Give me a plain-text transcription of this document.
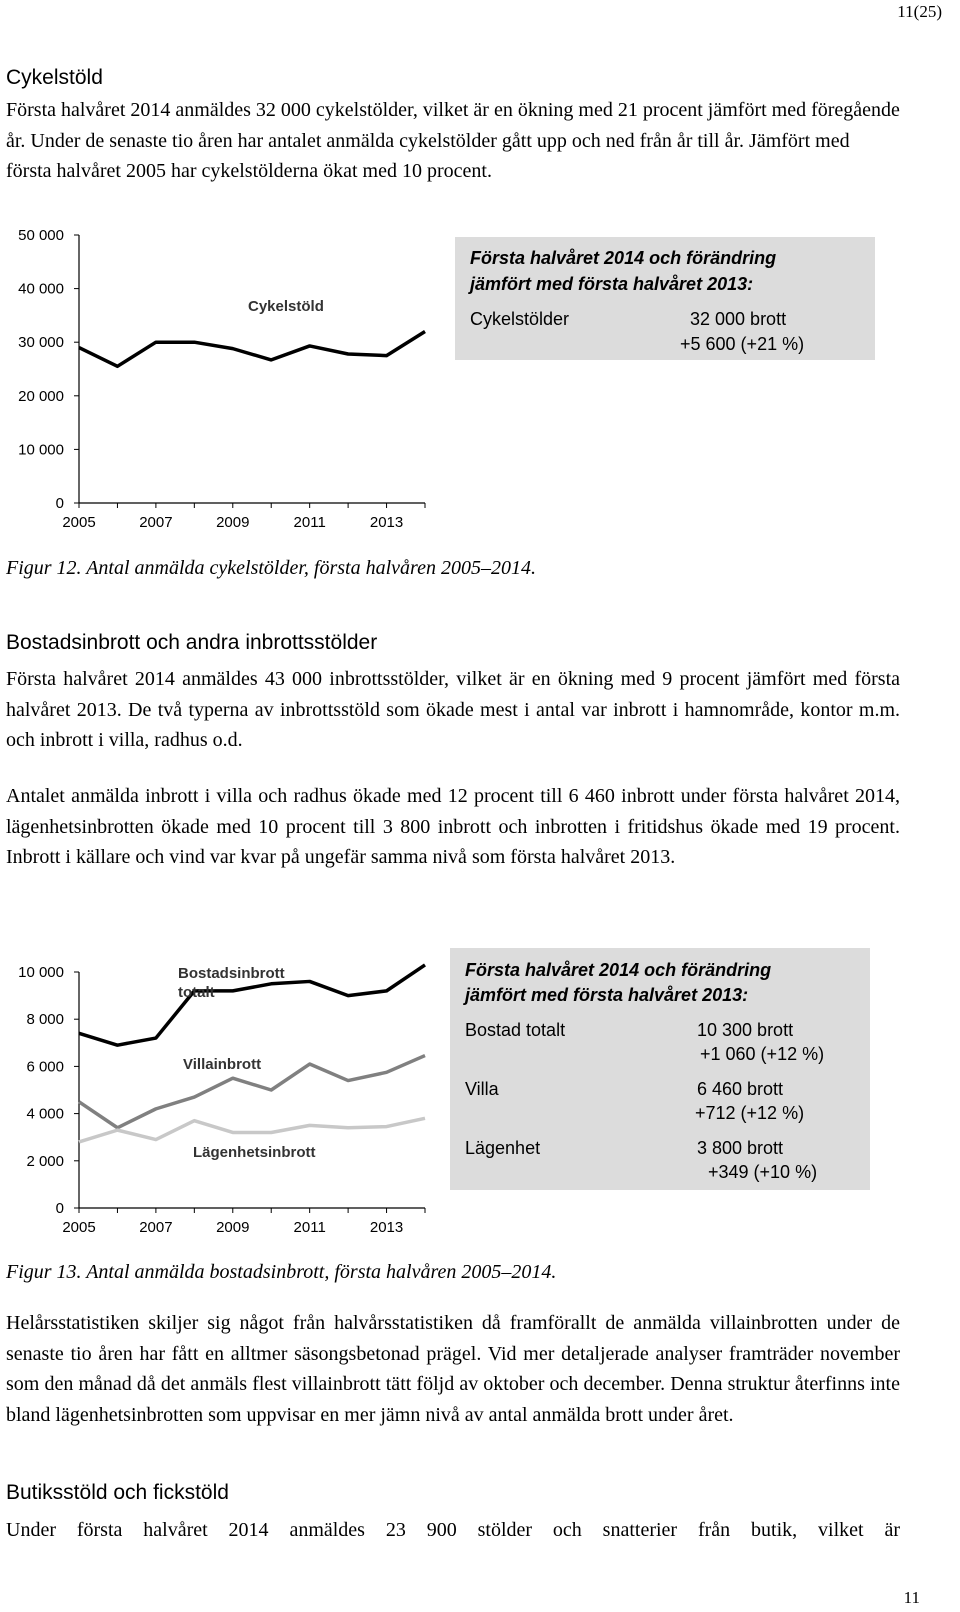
11(25)
Cykelstöld

Första halvåret 2014 anmäldes 32 000 cykelstölder, vilket är en ökning med 21 procent jämfört med föregående år. Under de senaste tio åren har antalet anmälda cykelstölder gått upp och ned från år till år. Jämfört med första halvåret 2005 har cykelstölderna ökat med 10 procent.

0
10 000
20 000
30 000
40 000
50 000
2005	2007	2009	2011	2013
Cykelstöld
Första halvåret 2014 och förändring
jämfört med första halvåret 2013:
Cykelstölder	32 000 brott
+5 600 (+21 %)
Figur 12. Antal anmälda cykelstölder, första halvåren 2005–2014.
Bostadsinbrott och andra inbrottsstölder

Första halvåret 2014 anmäldes 43 000 inbrottsstölder, vilket är en ökning med 9 procent jämfört med första halvåret 2013. De två typerna av inbrottsstöld som ökade mest i antal var inbrott i hamnområde, kontor m.m. och inbrott i villa, radhus o.d.

Antalet anmälda inbrott i villa och radhus ökade med 12 procent till 6 460 inbrott under första halvåret 2014, lägenhetsinbrotten ökade med 10 procent till 3 800 inbrott och inbrotten i fritidshus ökade med 19 procent. Inbrott i källare och vind var kvar på ungefär samma nivå som första halvåret 2013.

0
2 000
4 000
6 000
8 000
10 000
2005	2007	2009	2011	2013
Bostadsinbrott
totalt
Villainbrott
Lägenhetsinbrott
Första halvåret 2014 och förändring
jämfört med första halvåret 2013:
Bostad totalt	10 300 brott
+1 060 (+12 %)
Villa	6 460 brott
+712 (+12 %)
Lägenhet	3 800 brott
+349 (+10 %)
Figur 13. Antal anmälda bostadsinbrott, första halvåren 2005–2014.

Helårsstatistiken skiljer sig något från halvårsstatistiken då framförallt de anmälda villainbrotten under de senaste tio åren har fått en alltmer säsongsbetonad prägel. Vid mer detaljerade analyser framträder november som den månad då det anmäls flest villainbrott tätt följd av oktober och december. Denna struktur återfinns inte bland lägenhetsinbrotten som uppvisar en mer jämn nivå av antal anmälda brott under året.

Butiksstöld och fickstöld

Under första halvåret 2014 anmäldes 23 900 stölder och snatterier från butik, vilket är

11
